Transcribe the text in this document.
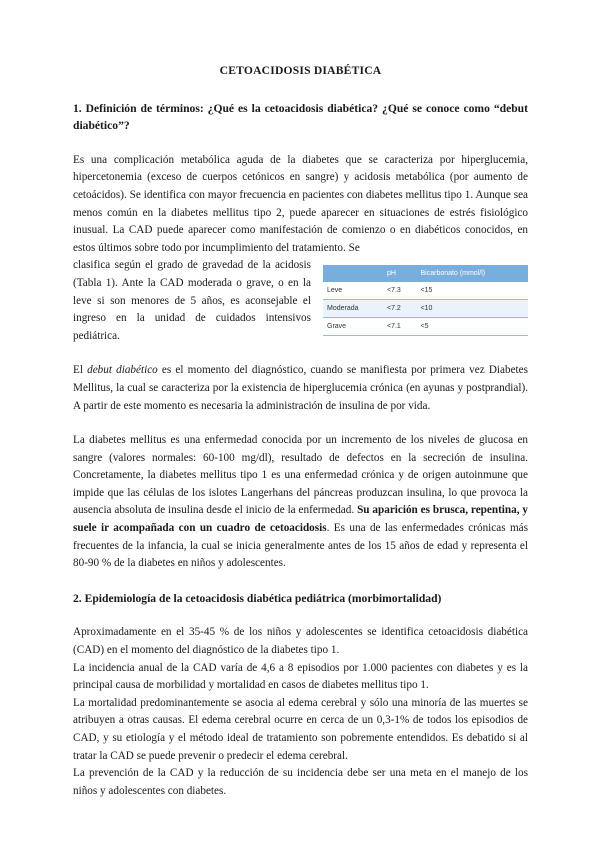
CETOACIDOSIS DIABÉTICA
1. Definición de términos: ¿Qué es la cetoacidosis diabética? ¿Qué se conoce como “debut diabético”?

Es una complicación metabólica aguda de la diabetes que se caracteriza por hiperglucemia, hipercetonemia (exceso de cuerpos cetónicos en sangre) y acidosis metabólica (por aumento de cetoácidos). Se identifica con mayor frecuencia en pacientes con diabetes mellitus tipo 1. Aunque sea menos común en la diabetes mellitus tipo 2, puede aparecer en situaciones de estrés fisiológico inusual. La CAD puede aparecer como manifestación de comienzo o en diabéticos conocidos, en estos últimos sobre todo por incumplimiento del tratamiento. Se

clasifica según el grado de gravedad de la acidosis (Tabla 1). Ante la CAD moderada o grave, o en la leve si son menores de 5 años, es aconsejable el ingreso en la unidad de cuidados intensivos pediátrica.
	pH	Bicarbonato (mmol/l)
Leve	<7.3	<15
Moderada	<7.2	<10
Grave	<7.1	<5

El debut diabético es el momento del diagnóstico, cuando se manifiesta por primera vez Diabetes Mellitus, la cual se caracteriza por la existencia de hiperglucemia crónica (en ayunas y postprandial). A partir de este momento es necesaria la administración de insulina de por vida.

La diabetes mellitus es una enfermedad conocida por un incremento de los niveles de glucosa en sangre (valores normales: 60-100 mg/dl), resultado de defectos en la secreción de insulina. Concretamente, la diabetes mellitus tipo 1 es una enfermedad crónica y de origen autoinmune que impide que las células de los islotes Langerhans del páncreas produzcan insulina, lo que provoca la ausencia absoluta de insulina desde el inicio de la enfermedad. Su aparición es brusca, repentina, y suele ir acompañada con un cuadro de cetoacidosis. Es una de las enfermedades crónicas más frecuentes de la infancia, la cual se inicia generalmente antes de los 15 años de edad y representa el 80-90 % de la diabetes en niños y adolescentes.

2. Epidemiología de la cetoacidosis diabética pediátrica (morbimortalidad)

Aproximadamente en el 35-45 % de los niños y adolescentes se identifica cetoacidosis diabética (CAD) en el momento del diagnóstico de la diabetes tipo 1.

La incidencia anual de la CAD varía de 4,6 a 8 episodios por 1.000 pacientes con diabetes y es la principal causa de morbilidad y mortalidad en casos de diabetes mellitus tipo 1.

La mortalidad predominantemente se asocia al edema cerebral y sólo una minoría de las muertes se atribuyen a otras causas. El edema cerebral ocurre en cerca de un 0,3-1% de todos los episodios de CAD, y su etiología y el método ideal de tratamiento son pobremente entendidos. Es debatido si al tratar la CAD se puede prevenir o predecir el edema cerebral.

La prevención de la CAD y la reducción de su incidencia debe ser una meta en el manejo de los niños y adolescentes con diabetes.
